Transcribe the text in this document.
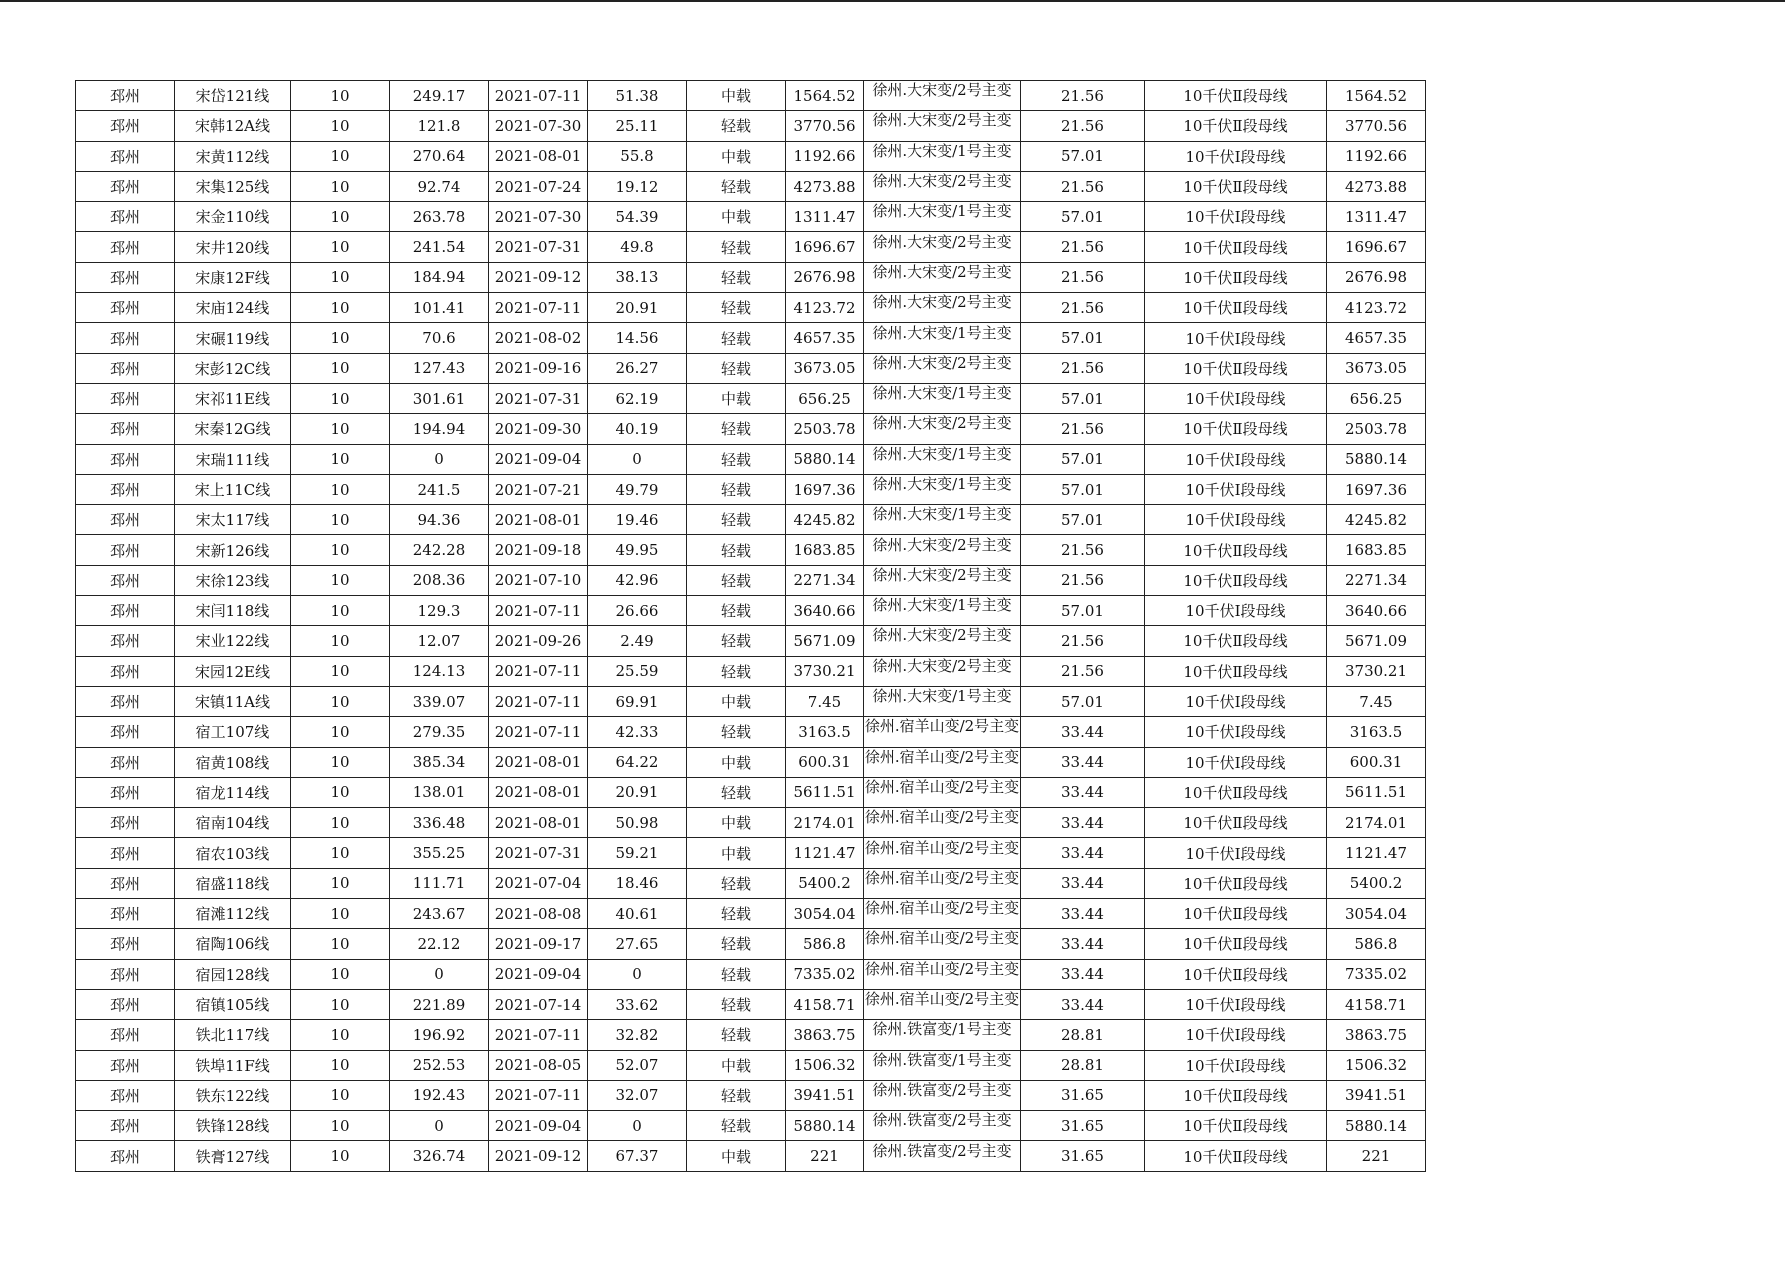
邳州	宋岱121线	10	249.17	2021-07-11	51.38	中载	1564.52	徐州.大宋变/2号主变	21.56	10千伏Ⅱ段母线	1564.52
邳州	宋韩12A线	10	121.8	2021-07-30	25.11	轻载	3770.56	徐州.大宋变/2号主变	21.56	10千伏Ⅱ段母线	3770.56
邳州	宋黄112线	10	270.64	2021-08-01	55.8	中载	1192.66	徐州.大宋变/1号主变	57.01	10千伏Ⅰ段母线	1192.66
邳州	宋集125线	10	92.74	2021-07-24	19.12	轻载	4273.88	徐州.大宋变/2号主变	21.56	10千伏Ⅱ段母线	4273.88
邳州	宋金110线	10	263.78	2021-07-30	54.39	中载	1311.47	徐州.大宋变/1号主变	57.01	10千伏Ⅰ段母线	1311.47
邳州	宋井120线	10	241.54	2021-07-31	49.8	轻载	1696.67	徐州.大宋变/2号主变	21.56	10千伏Ⅱ段母线	1696.67
邳州	宋康12F线	10	184.94	2021-09-12	38.13	轻载	2676.98	徐州.大宋变/2号主变	21.56	10千伏Ⅱ段母线	2676.98
邳州	宋庙124线	10	101.41	2021-07-11	20.91	轻载	4123.72	徐州.大宋变/2号主变	21.56	10千伏Ⅱ段母线	4123.72
邳州	宋碾119线	10	70.6	2021-08-02	14.56	轻载	4657.35	徐州.大宋变/1号主变	57.01	10千伏Ⅰ段母线	4657.35
邳州	宋彭12C线	10	127.43	2021-09-16	26.27	轻载	3673.05	徐州.大宋变/2号主变	21.56	10千伏Ⅱ段母线	3673.05
邳州	宋祁11E线	10	301.61	2021-07-31	62.19	中载	656.25	徐州.大宋变/1号主变	57.01	10千伏Ⅰ段母线	656.25
邳州	宋秦12G线	10	194.94	2021-09-30	40.19	轻载	2503.78	徐州.大宋变/2号主变	21.56	10千伏Ⅱ段母线	2503.78
邳州	宋瑞111线	10	0	2021-09-04	0	轻载	5880.14	徐州.大宋变/1号主变	57.01	10千伏Ⅰ段母线	5880.14
邳州	宋上11C线	10	241.5	2021-07-21	49.79	轻载	1697.36	徐州.大宋变/1号主变	57.01	10千伏Ⅰ段母线	1697.36
邳州	宋太117线	10	94.36	2021-08-01	19.46	轻载	4245.82	徐州.大宋变/1号主变	57.01	10千伏Ⅰ段母线	4245.82
邳州	宋新126线	10	242.28	2021-09-18	49.95	轻载	1683.85	徐州.大宋变/2号主变	21.56	10千伏Ⅱ段母线	1683.85
邳州	宋徐123线	10	208.36	2021-07-10	42.96	轻载	2271.34	徐州.大宋变/2号主变	21.56	10千伏Ⅱ段母线	2271.34
邳州	宋闫118线	10	129.3	2021-07-11	26.66	轻载	3640.66	徐州.大宋变/1号主变	57.01	10千伏Ⅰ段母线	3640.66
邳州	宋业122线	10	12.07	2021-09-26	2.49	轻载	5671.09	徐州.大宋变/2号主变	21.56	10千伏Ⅱ段母线	5671.09
邳州	宋园12E线	10	124.13	2021-07-11	25.59	轻载	3730.21	徐州.大宋变/2号主变	21.56	10千伏Ⅱ段母线	3730.21
邳州	宋镇11A线	10	339.07	2021-07-11	69.91	中载	7.45	徐州.大宋变/1号主变	57.01	10千伏Ⅰ段母线	7.45
邳州	宿工107线	10	279.35	2021-07-11	42.33	轻载	3163.5	徐州.宿羊山变/2号主变	33.44	10千伏Ⅰ段母线	3163.5
邳州	宿黄108线	10	385.34	2021-08-01	64.22	中载	600.31	徐州.宿羊山变/2号主变	33.44	10千伏Ⅰ段母线	600.31
邳州	宿龙114线	10	138.01	2021-08-01	20.91	轻载	5611.51	徐州.宿羊山变/2号主变	33.44	10千伏Ⅱ段母线	5611.51
邳州	宿南104线	10	336.48	2021-08-01	50.98	中载	2174.01	徐州.宿羊山变/2号主变	33.44	10千伏Ⅱ段母线	2174.01
邳州	宿农103线	10	355.25	2021-07-31	59.21	中载	1121.47	徐州.宿羊山变/2号主变	33.44	10千伏Ⅰ段母线	1121.47
邳州	宿盛118线	10	111.71	2021-07-04	18.46	轻载	5400.2	徐州.宿羊山变/2号主变	33.44	10千伏Ⅱ段母线	5400.2
邳州	宿滩112线	10	243.67	2021-08-08	40.61	轻载	3054.04	徐州.宿羊山变/2号主变	33.44	10千伏Ⅱ段母线	3054.04
邳州	宿陶106线	10	22.12	2021-09-17	27.65	轻载	586.8	徐州.宿羊山变/2号主变	33.44	10千伏Ⅱ段母线	586.8
邳州	宿园128线	10	0	2021-09-04	0	轻载	7335.02	徐州.宿羊山变/2号主变	33.44	10千伏Ⅱ段母线	7335.02
邳州	宿镇105线	10	221.89	2021-07-14	33.62	轻载	4158.71	徐州.宿羊山变/2号主变	33.44	10千伏Ⅰ段母线	4158.71
邳州	铁北117线	10	196.92	2021-07-11	32.82	轻载	3863.75	徐州.铁富变/1号主变	28.81	10千伏Ⅰ段母线	3863.75
邳州	铁埠11F线	10	252.53	2021-08-05	52.07	中载	1506.32	徐州.铁富变/1号主变	28.81	10千伏Ⅰ段母线	1506.32
邳州	铁东122线	10	192.43	2021-07-11	32.07	轻载	3941.51	徐州.铁富变/2号主变	31.65	10千伏Ⅱ段母线	3941.51
邳州	铁锋128线	10	0	2021-09-04	0	轻载	5880.14	徐州.铁富变/2号主变	31.65	10千伏Ⅱ段母线	5880.14
邳州	铁膏127线	10	326.74	2021-09-12	67.37	中载	221	徐州.铁富变/2号主变	31.65	10千伏Ⅱ段母线	221
